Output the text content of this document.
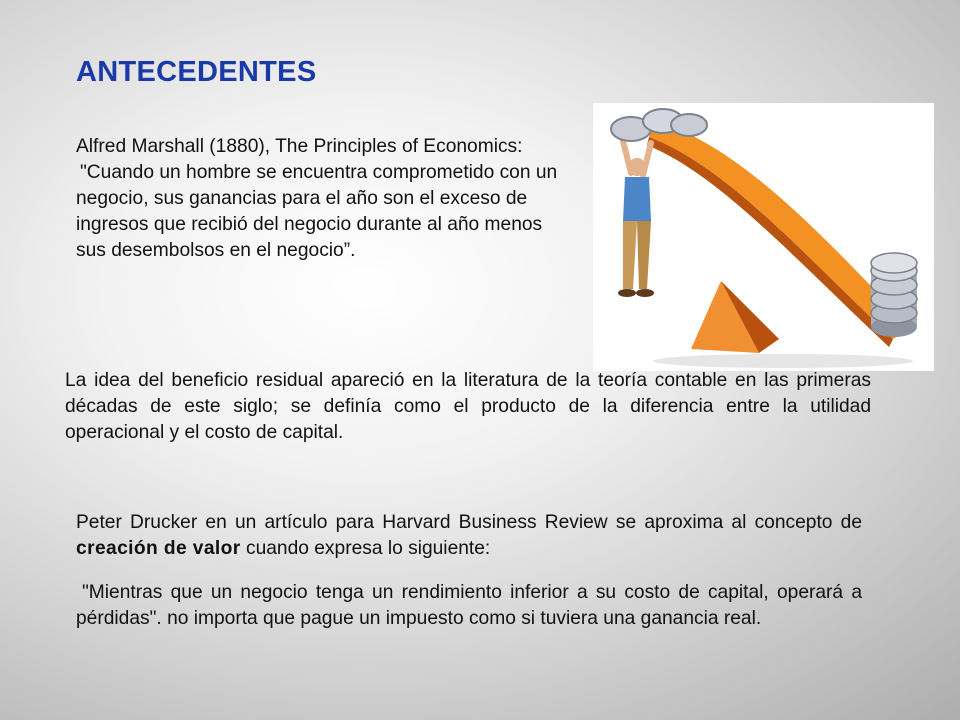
ANTECEDENTES
Alfred Marshall (1880), The Principles of Economics:
"Cuando un hombre se encuentra comprometido con un negocio, sus ganancias para el año son el exceso de ingresos que recibió del negocio durante al año menos sus desembolsos en el negocio”.

La idea del beneficio residual apareció en la literatura de la teoría contable en las primeras décadas de este siglo; se definía como el producto de la diferencia entre la utilidad operacional y el costo de capital.

Peter Drucker en un artículo para Harvard Business Review se aproxima al concepto de creación de valor cuando expresa lo siguiente:

"Mientras que un negocio tenga un rendimiento inferior a su costo de capital, operará a pérdidas". no importa que pague un impuesto como si tuviera una ganancia real.
